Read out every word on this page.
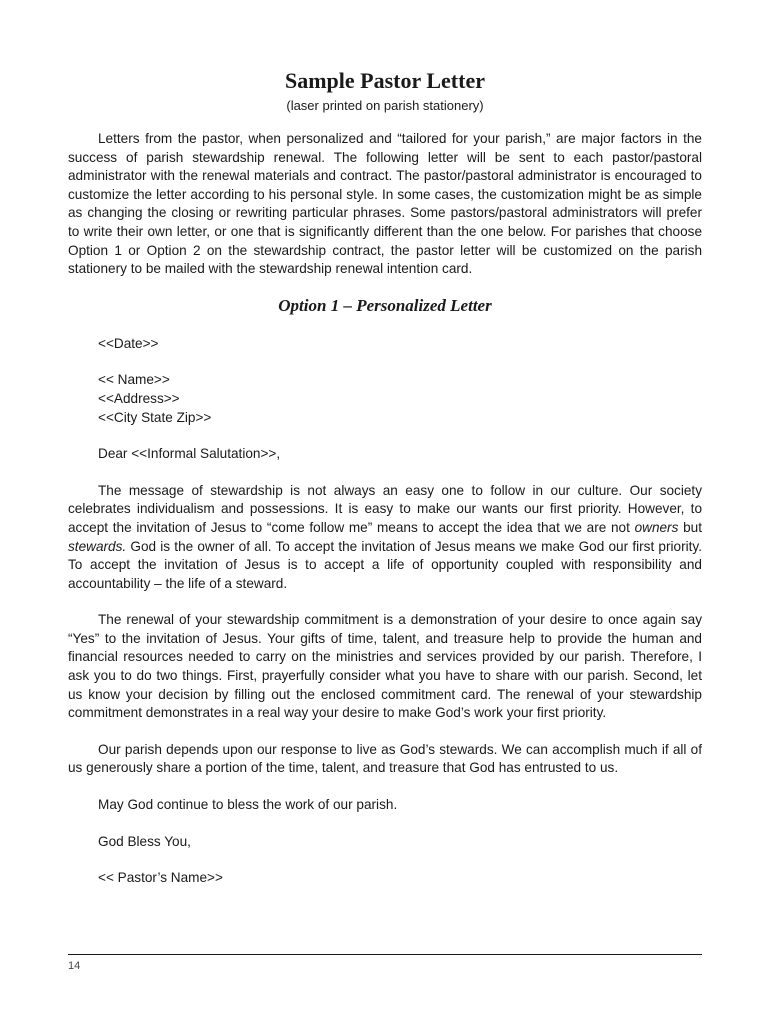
Sample Pastor Letter
(laser printed on parish stationery)

Letters from the pastor, when personalized and “tailored for your parish,” are major factors in the success of parish stewardship renewal. The following letter will be sent to each pastor/pastoral administrator with the renewal materials and contract. The pastor/pastoral administrator is encouraged to customize the letter according to his personal style. In some cases, the customization might be as simple as changing the closing or rewriting particular phrases. Some pastors/pastoral administrators will prefer to write their own letter, or one that is significantly different than the one below. For parishes that choose Option 1 or Option 2 on the stewardship contract, the pastor letter will be customized on the parish stationery to be mailed with the stewardship renewal intention card.

Option 1 – Personalized Letter

<<Date>>

<< Name>>

<<Address>>

<<City State Zip>>

Dear <<Informal Salutation>>,

The message of stewardship is not always an easy one to follow in our culture. Our society celebrates individualism and possessions. It is easy to make our wants our first priority. However, to accept the invitation of Jesus to “come follow me” means to accept the idea that we are not owners but stewards. God is the owner of all. To accept the invitation of Jesus means we make God our first priority. To accept the invitation of Jesus is to accept a life of opportunity coupled with responsibility and accountability – the life of a steward.

The renewal of your stewardship commitment is a demonstration of your desire to once again say “Yes” to the invitation of Jesus. Your gifts of time, talent, and treasure help to provide the human and financial resources needed to carry on the ministries and services provided by our parish. Therefore, I ask you to do two things. First, prayerfully consider what you have to share with our parish. Second, let us know your decision by filling out the enclosed commitment card. The renewal of your stewardship commitment demonstrates in a real way your desire to make God’s work your first priority.

Our parish depends upon our response to live as God’s stewards. We can accomplish much if all of us generously share a portion of the time, talent, and treasure that God has entrusted to us.

May God continue to bless the work of our parish.

God Bless You,

<< Pastor’s Name>>

14
